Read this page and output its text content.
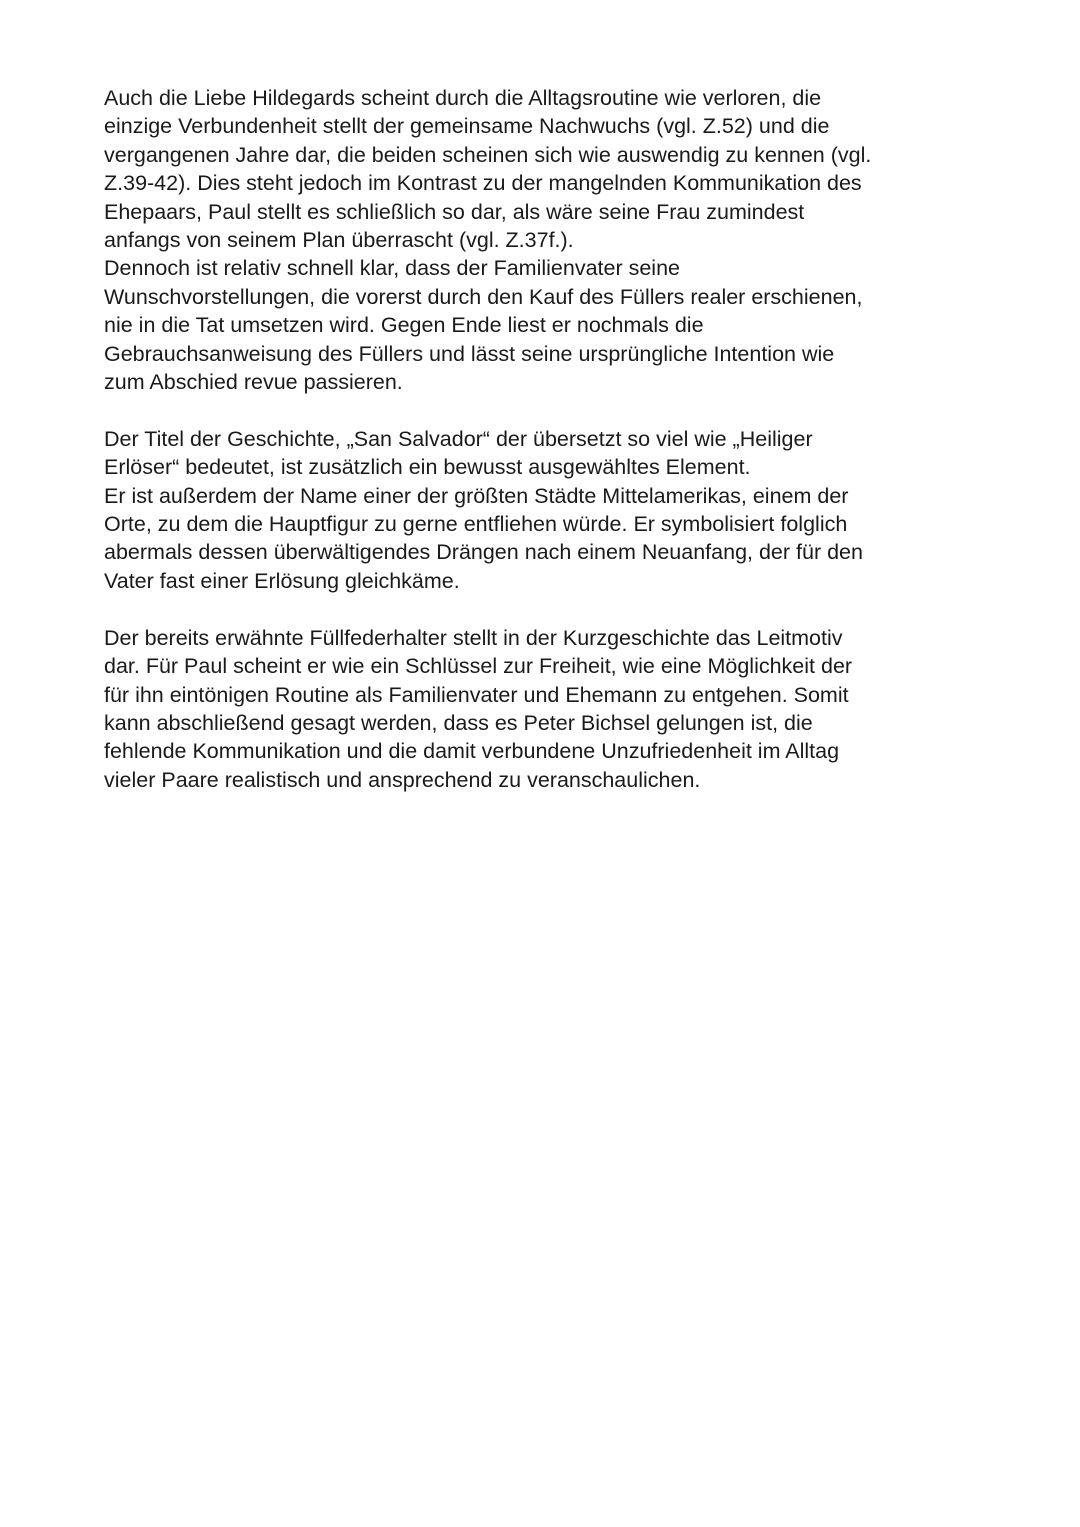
Auch die Liebe Hildegards scheint durch die Alltagsroutine wie verloren, die
einzige Verbundenheit stellt der gemeinsame Nachwuchs (vgl. Z.52) und die
vergangenen Jahre dar, die beiden scheinen sich wie auswendig zu kennen (vgl.
Z.39-42). Dies steht jedoch im Kontrast zu der mangelnden Kommunikation des
Ehepaars, Paul stellt es schließlich so dar, als wäre seine Frau zumindest
anfangs von seinem Plan überrascht (vgl. Z.37f.).
Dennoch ist relativ schnell klar, dass der Familienvater seine
Wunschvorstellungen, die vorerst durch den Kauf des Füllers realer erschienen,
nie in die Tat umsetzen wird. Gegen Ende liest er nochmals die
Gebrauchsanweisung des Füllers und lässt seine ursprüngliche Intention wie
zum Abschied revue passieren.

Der Titel der Geschichte, „San Salvador“ der übersetzt so viel wie „Heiliger
Erlöser“ bedeutet, ist zusätzlich ein bewusst ausgewähltes Element.
Er ist außerdem der Name einer der größten Städte Mittelamerikas, einem der
Orte, zu dem die Hauptfigur zu gerne entfliehen würde. Er symbolisiert folglich
abermals dessen überwältigendes Drängen nach einem Neuanfang, der für den
Vater fast einer Erlösung gleichkäme.

Der bereits erwähnte Füllfederhalter stellt in der Kurzgeschichte das Leitmotiv
dar. Für Paul scheint er wie ein Schlüssel zur Freiheit, wie eine Möglichkeit der
für ihn eintönigen Routine als Familienvater und Ehemann zu entgehen. Somit
kann abschließend gesagt werden, dass es Peter Bichsel gelungen ist, die
fehlende Kommunikation und die damit verbundene Unzufriedenheit im Alltag
vieler Paare realistisch und ansprechend zu veranschaulichen.
